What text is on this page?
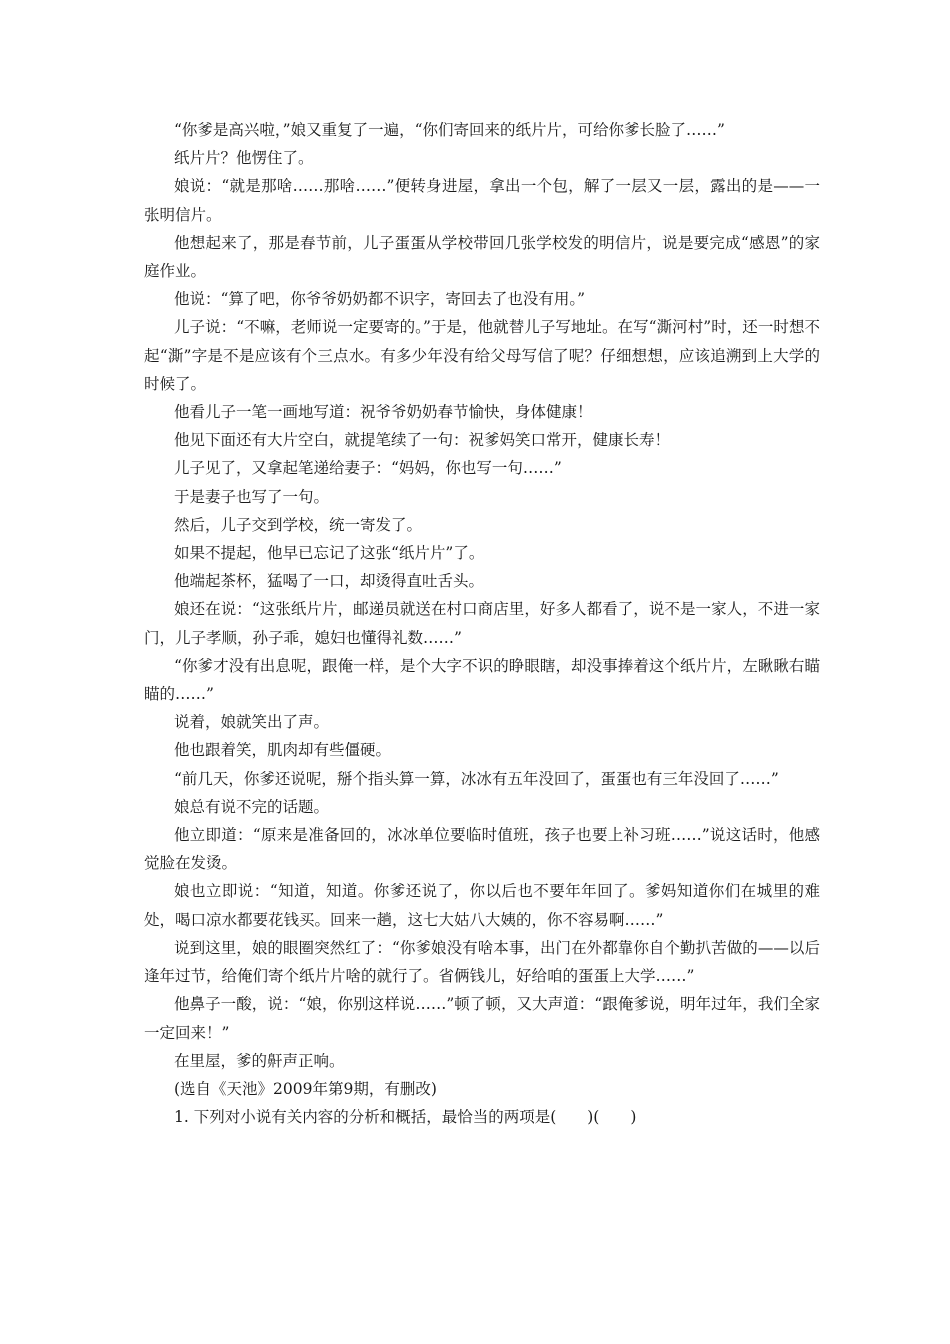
“你爹是高兴啦，”娘又重复了一遍，“你们寄回来的纸片片，可给你爹长脸了……”

纸片片？他愣住了。

娘说：“就是那啥……那啥……”便转身进屋，拿出一个包，解了一层又一层，露出的是——一张明信片。

他想起来了，那是春节前，儿子蛋蛋从学校带回几张学校发的明信片，说是要完成“感恩”的家庭作业。

他说：“算了吧，你爷爷奶奶都不识字，寄回去了也没有用。”

儿子说：“不嘛，老师说一定要寄的。”于是，他就替儿子写地址。在写“澌河村”时，还一时想不起“澌”字是不是应该有个三点水。有多少年没有给父母写信了呢？仔细想想，应该追溯到上大学的时候了。

他看儿子一笔一画地写道：祝爷爷奶奶春节愉快，身体健康！

他见下面还有大片空白，就提笔续了一句：祝爹妈笑口常开，健康长寿！

儿子见了，又拿起笔递给妻子：“妈妈，你也写一句……”

于是妻子也写了一句。

然后，儿子交到学校，统一寄发了。

如果不提起，他早已忘记了这张“纸片片”了。

他端起茶杯，猛喝了一口，却烫得直吐舌头。

娘还在说：“这张纸片片，邮递员就送在村口商店里，好多人都看了，说不是一家人，不进一家门，儿子孝顺，孙子乖，媳妇也懂得礼数……”

“你爹才没有出息呢，跟俺一样，是个大字不识的睁眼瞎，却没事捧着这个纸片片，左瞅瞅右瞄瞄的……”

说着，娘就笑出了声。

他也跟着笑，肌肉却有些僵硬。

“前几天，你爹还说呢，掰个指头算一算，冰冰有五年没回了，蛋蛋也有三年没回了……”

娘总有说不完的话题。

他立即道：“原来是准备回的，冰冰单位要临时值班，孩子也要上补习班……”说这话时，他感觉脸在发烫。

娘也立即说：“知道，知道。你爹还说了，你以后也不要年年回了。爹妈知道你们在城里的难处，喝口凉水都要花钱买。回来一趟，这七大姑八大姨的，你不容易啊……”

说到这里，娘的眼圈突然红了：“你爹娘没有啥本事，出门在外都靠你自个勤扒苦做的——以后逢年过节，给俺们寄个纸片片啥的就行了。省俩钱儿，好给咱的蛋蛋上大学……”

他鼻子一酸，说：“娘，你别这样说……”顿了顿，又大声道：“跟俺爹说，明年过年，我们全家一定回来！”

在里屋，爹的鼾声正响。

(选自《天池》2009年第9期，有删改)

1. 下列对小说有关内容的分析和概括，最恰当的两项是(　　)(　　)
